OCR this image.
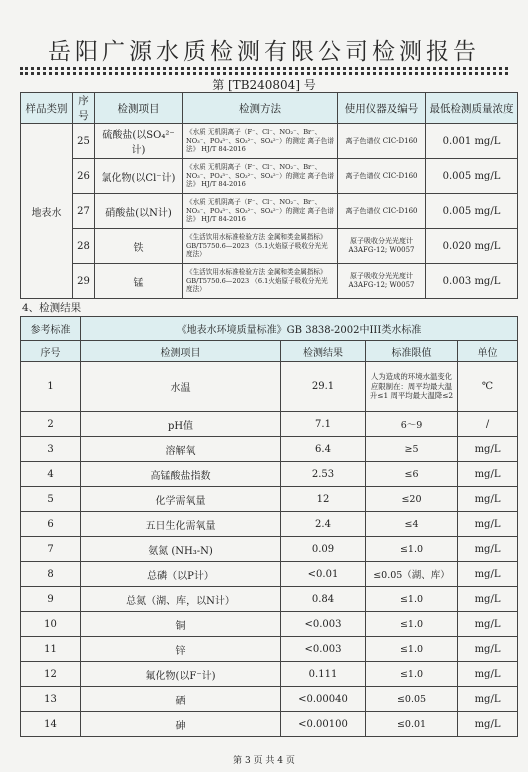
岳阳广源水质检测有限公司检测报告
第 [TB240804] 号
样品类别	序号	检测项目	检测方法	使用仪器及编号	最低检测质量浓度
地表水	25	硫酸盐(以SO₄²⁻计)	《水质 无机阴离子（F⁻、Cl⁻、NO₂⁻、Br⁻、NO₃⁻、PO₄³⁻、SO₃²⁻、SO₄²⁻）的测定 离子色谱法》 HJ/T 84-2016	离子色谱仪 CIC-D160	0.001 mg/L
	26	氯化物(以Cl⁻计)	《水质 无机阴离子（F⁻、Cl⁻、NO₂⁻、Br⁻、NO₃⁻、PO₄³⁻、SO₃²⁻、SO₄²⁻）的测定 离子色谱法》 HJ/T 84-2016	离子色谱仪 CIC-D160	0.005 mg/L
	27	硝酸盐(以N计)	《水质 无机阴离子（F⁻、Cl⁻、NO₂⁻、Br⁻、NO₃⁻、PO₄³⁻、SO₃²⁻、SO₄²⁻）的测定 离子色谱法》 HJ/T 84-2016	离子色谱仪 CIC-D160	0.005 mg/L
	28	铁	《生活饮用水标准检验方法 金属和类金属指标》GB/T5750.6—2023 （5.1火焰原子吸收分光光度法）	原子吸收分光光度计 A3AFG-12; W0057	0.020 mg/L
	29	锰	《生活饮用水标准检验方法 金属和类金属指标》GB/T5750.6—2023 （6.1火焰原子吸收分光光度法）	原子吸收分光光度计 A3AFG-12; W0057	0.003 mg/L
4、检测结果
参考标准	《地表水环境质量标准》GB 3838-2002中III类水标准			
序号	检测项目	检测结果	标准限值	单位
1	水温	29.1	人为造成的环境水温变化应限制在：周平均最大温升≤1 周平均最大温降≤2	℃
2	pH值	7.1	6～9	/
3	溶解氧	6.4	≥5	mg/L
4	高锰酸盐指数	2.53	≤6	mg/L
5	化学需氧量	12	≤20	mg/L
6	五日生化需氧量	2.4	≤4	mg/L
7	氨氮 (NH₃-N)	0.09	≤1.0	mg/L
8	总磷（以P计）	<0.01	≤0.05（湖、库）	mg/L
9	总氮（湖、库，以N计）	0.84	≤1.0	mg/L
10	铜	<0.003	≤1.0	mg/L
11	锌	<0.003	≤1.0	mg/L
12	氟化物(以F⁻计)	0.111	≤1.0	mg/L
13	硒	<0.00040	≤0.05	mg/L
14	砷	<0.00100	≤0.01	mg/L
第 3 页 共 4 页
